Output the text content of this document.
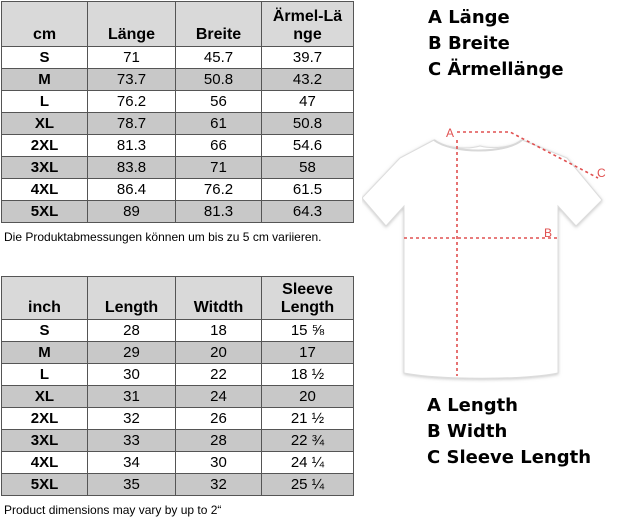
cm	Länge	Breite	Ärmel-Länge
S	71	45.7	39.7
M	73.7	50.8	43.2
L	76.2	56	47
XL	78.7	61	50.8
2XL	81.3	66	54.6
3XL	83.8	71	58
4XL	86.4	76.2	61.5
5XL	89	81.3	64.3
Die Produktabmessungen können um bis zu 5 cm variieren.
inch	Length	Witdth	Sleeve Length
S	28	18	15 ⅝
M	29	20	17
L	30	22	18 ½
XL	31	24	20
2XL	32	26	21 ½
3XL	33	28	22 ¾
4XL	34	30	24 ¼
5XL	35	32	25 ¼
Product dimensions may vary by up to 2“
A Länge
B Breite
C Ärmellänge
A Length
B Width
C Sleeve Length
A
B
C
